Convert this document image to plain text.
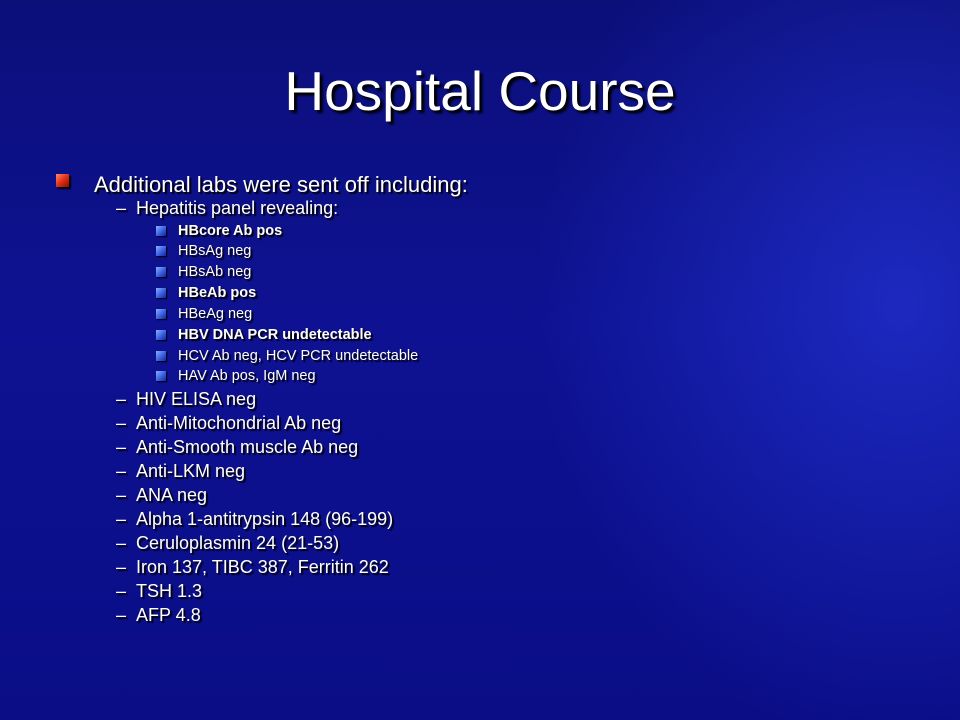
Hospital Course
Additional labs were sent off including:
– Hepatitis panel revealing:
HBcore Ab pos
HBsAg neg
HBsAb neg
HBeAb pos
HBeAg neg
HBV DNA PCR undetectable
HCV Ab neg, HCV PCR undetectable
HAV Ab pos, IgM neg
– HIV ELISA neg
– Anti-Mitochondrial Ab neg
– Anti-Smooth muscle Ab neg
– Anti-LKM neg
– ANA neg
– Alpha 1-antitrypsin 148 (96-199)
– Ceruloplasmin 24 (21-53)
– Iron 137, TIBC 387, Ferritin 262
– TSH 1.3
– AFP 4.8
